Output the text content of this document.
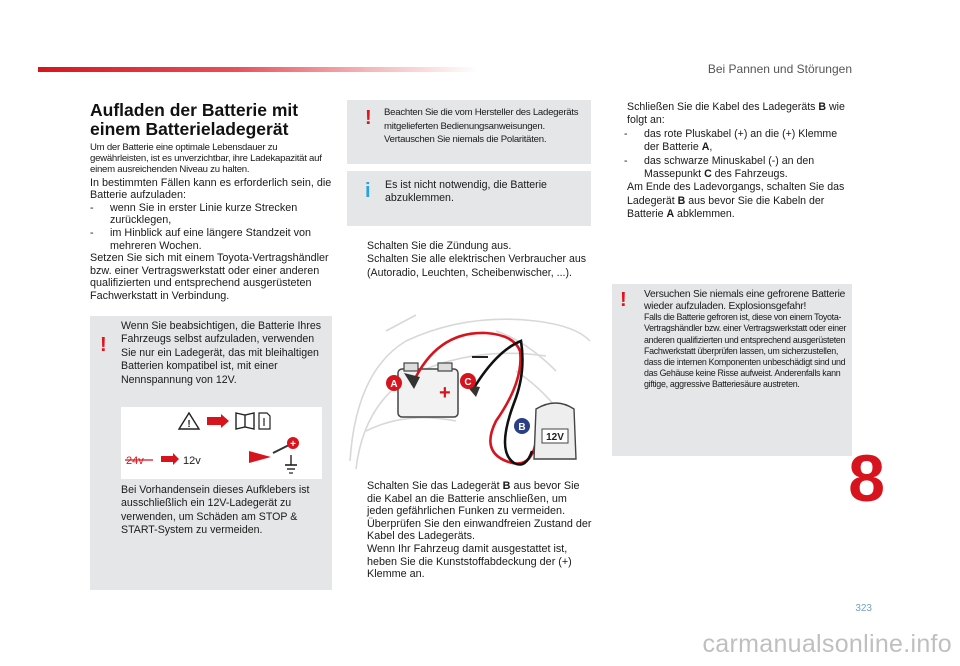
Bei Pannen und Störungen
Aufladen der Batterie mit einem Batterieladegerät

Um der Batterie eine optimale Lebensdauer zu gewährleisten, ist es unverzichtbar, ihre Ladekapazität auf einem ausreichenden Niveau zu halten.

In bestimmten Fällen kann es erforderlich sein, die Batterie aufzuladen:

- wenn Sie in erster Linie kurze Strecken zurücklegen,
- im Hinblick auf eine längere Standzeit von mehreren Wochen.

Setzen Sie sich mit einem Toyota-Vertragshändler bzw. einer Vertragswerkstatt oder einer anderen qualifizierten und entsprechend ausgerüsteten Fachwerkstatt in Verbindung.

!

Wenn Sie beabsichtigen, die Batterie Ihres Fahrzeugs selbst aufzuladen, verwenden Sie nur ein Ladegerät, das mit bleihaltigen Batterien kompatibel ist, mit einer Nennspannung von 12V.

!
24v	12v
+

Bei Vorhandensein dieses Aufklebers ist ausschließlich ein 12V-Ladegerät zu verwenden, um Schäden am STOP & START-System zu vermeiden.

! Beachten Sie die vom Hersteller des Ladegeräts mitgelieferten Bedienungsanweisungen. Vertauschen Sie niemals die Polaritäten.

i Es ist nicht notwendig, die Batterie abzuklemmen.

Schalten Sie die Zündung aus.
Schalten Sie alle elektrischen Verbraucher aus (Autoradio, Leuchten, Scheibenwischer, ...).
+
12V
A	C
B
Schalten Sie das Ladegerät B aus bevor Sie die Kabel an die Batterie anschließen, um jeden gefährlichen Funken zu vermeiden.
Überprüfen Sie den einwandfreien Zustand der Kabel des Ladegeräts.
Wenn Ihr Fahrzeug damit ausgestattet ist, heben Sie die Kunststoffabdeckung der (+) Klemme an.
Schließen Sie die Kabel des Ladegeräts B wie folgt an:
- das rote Pluskabel (+) an die (+) Klemme der Batterie A,
- das schwarze Minuskabel (-) an den Massepunkt C des Fahrzeugs.
Am Ende des Ladevorgangs, schalten Sie das Ladegerät B aus bevor Sie die Kabeln der Batterie A abklemmen.
! Versuchen Sie niemals eine gefrorene Batterie wieder aufzuladen. Explosionsgefahr!

Falls die Batterie gefroren ist, diese von einem Toyota-Vertragshändler bzw. einer Vertragswerkstatt oder einer anderen qualifizierten und entsprechend ausgerüsteten Fachwerkstatt überprüfen lassen, um sicherzustellen, dass die internen Komponenten unbeschädigt sind und das Gehäuse keine Risse aufweist. Anderenfalls kann giftige, aggressive Batteriesäure austreten.

8
323
carmanualsonline.info
